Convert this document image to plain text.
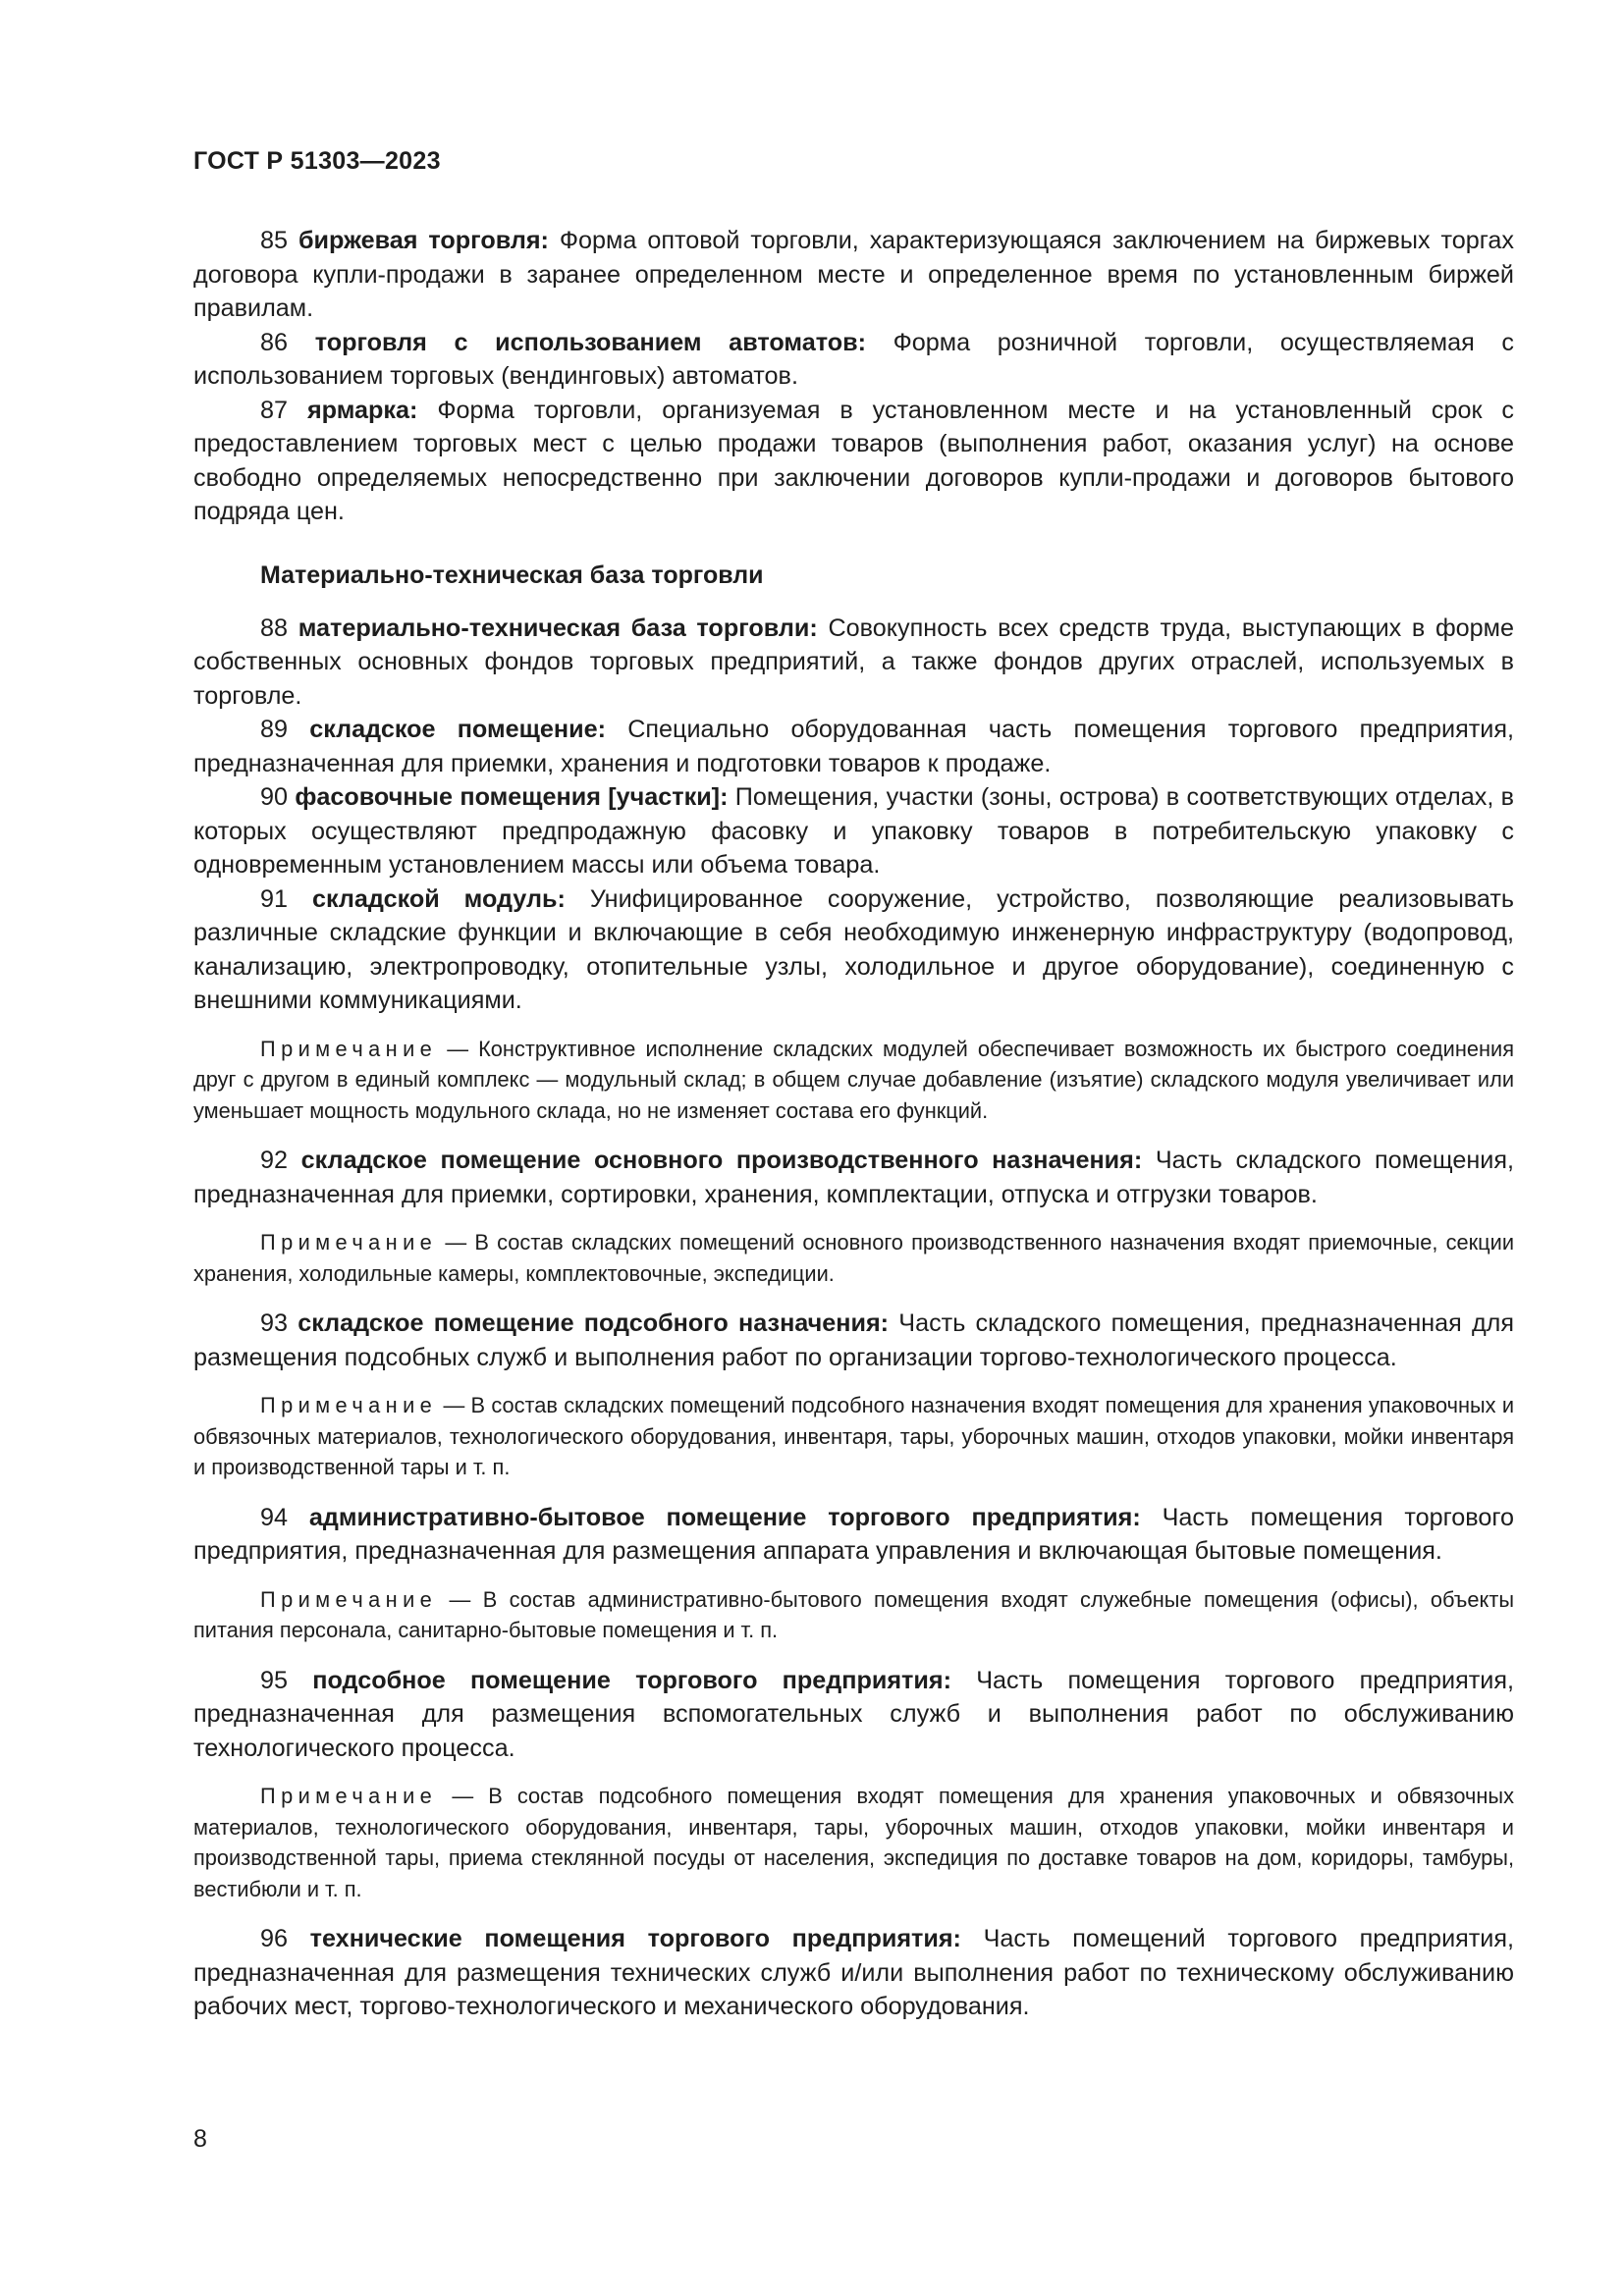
ГОСТ Р 51303—2023

85 биржевая торговля: Форма оптовой торговли, характеризующаяся заключением на биржевых торгах договора купли-продажи в заранее определенном месте и определенное время по установленным биржей правилам.

86 торговля с использованием автоматов: Форма розничной торговли, осуществляемая с использованием торговых (вендинговых) автоматов.

87 ярмарка: Форма торговли, организуемая в установленном месте и на установленный срок с предоставлением торговых мест с целью продажи товаров (выполнения работ, оказания услуг) на основе свободно определяемых непосредственно при заключении договоров купли-продажи и договоров бытового подряда цен.

Материально-техническая база торговли

88 материально-техническая база торговли: Совокупность всех средств труда, выступающих в форме собственных основных фондов торговых предприятий, а также фондов других отраслей, используемых в торговле.

89 складское помещение: Специально оборудованная часть помещения торгового предприятия, предназначенная для приемки, хранения и подготовки товаров к продаже.

90 фасовочные помещения [участки]: Помещения, участки (зоны, острова) в соответствующих отделах, в которых осуществляют предпродажную фасовку и упаковку товаров в потребительскую упаковку с одновременным установлением массы или объема товара.

91 складской модуль: Унифицированное сооружение, устройство, позволяющие реализовывать различные складские функции и включающие в себя необходимую инженерную инфраструктуру (водопровод, канализацию, электропроводку, отопительные узлы, холодильное и другое оборудование), соединенную с внешними коммуникациями.

Примечание — Конструктивное исполнение складских модулей обеспечивает возможность их быстрого соединения друг с другом в единый комплекс — модульный склад; в общем случае добавление (изъятие) складского модуля увеличивает или уменьшает мощность модульного склада, но не изменяет состава его функций.

92 складское помещение основного производственного назначения: Часть складского помещения, предназначенная для приемки, сортировки, хранения, комплектации, отпуска и отгрузки товаров.

Примечание — В состав складских помещений основного производственного назначения входят приемочные, секции хранения, холодильные камеры, комплектовочные, экспедиции.

93 складское помещение подсобного назначения: Часть складского помещения, предназначенная для размещения подсобных служб и выполнения работ по организации торгово-технологического процесса.

Примечание — В состав складских помещений подсобного назначения входят помещения для хранения упаковочных и обвязочных материалов, технологического оборудования, инвентаря, тары, уборочных машин, отходов упаковки, мойки инвентаря и производственной тары и т. п.

94 административно-бытовое помещение торгового предприятия: Часть помещения торгового предприятия, предназначенная для размещения аппарата управления и включающая бытовые помещения.

Примечание — В состав административно-бытового помещения входят служебные помещения (офисы), объекты питания персонала, санитарно-бытовые помещения и т. п.

95 подсобное помещение торгового предприятия: Часть помещения торгового предприятия, предназначенная для размещения вспомогательных служб и выполнения работ по обслуживанию технологического процесса.

Примечание — В состав подсобного помещения входят помещения для хранения упаковочных и обвязочных материалов, технологического оборудования, инвентаря, тары, уборочных машин, отходов упаковки, мойки инвентаря и производственной тары, приема стеклянной посуды от населения, экспедиция по доставке товаров на дом, коридоры, тамбуры, вестибюли и т. п.

96 технические помещения торгового предприятия: Часть помещений торгового предприятия, предназначенная для размещения технических служб и/или выполнения работ по техническому обслуживанию рабочих мест, торгово-технологического и механического оборудования.

8
